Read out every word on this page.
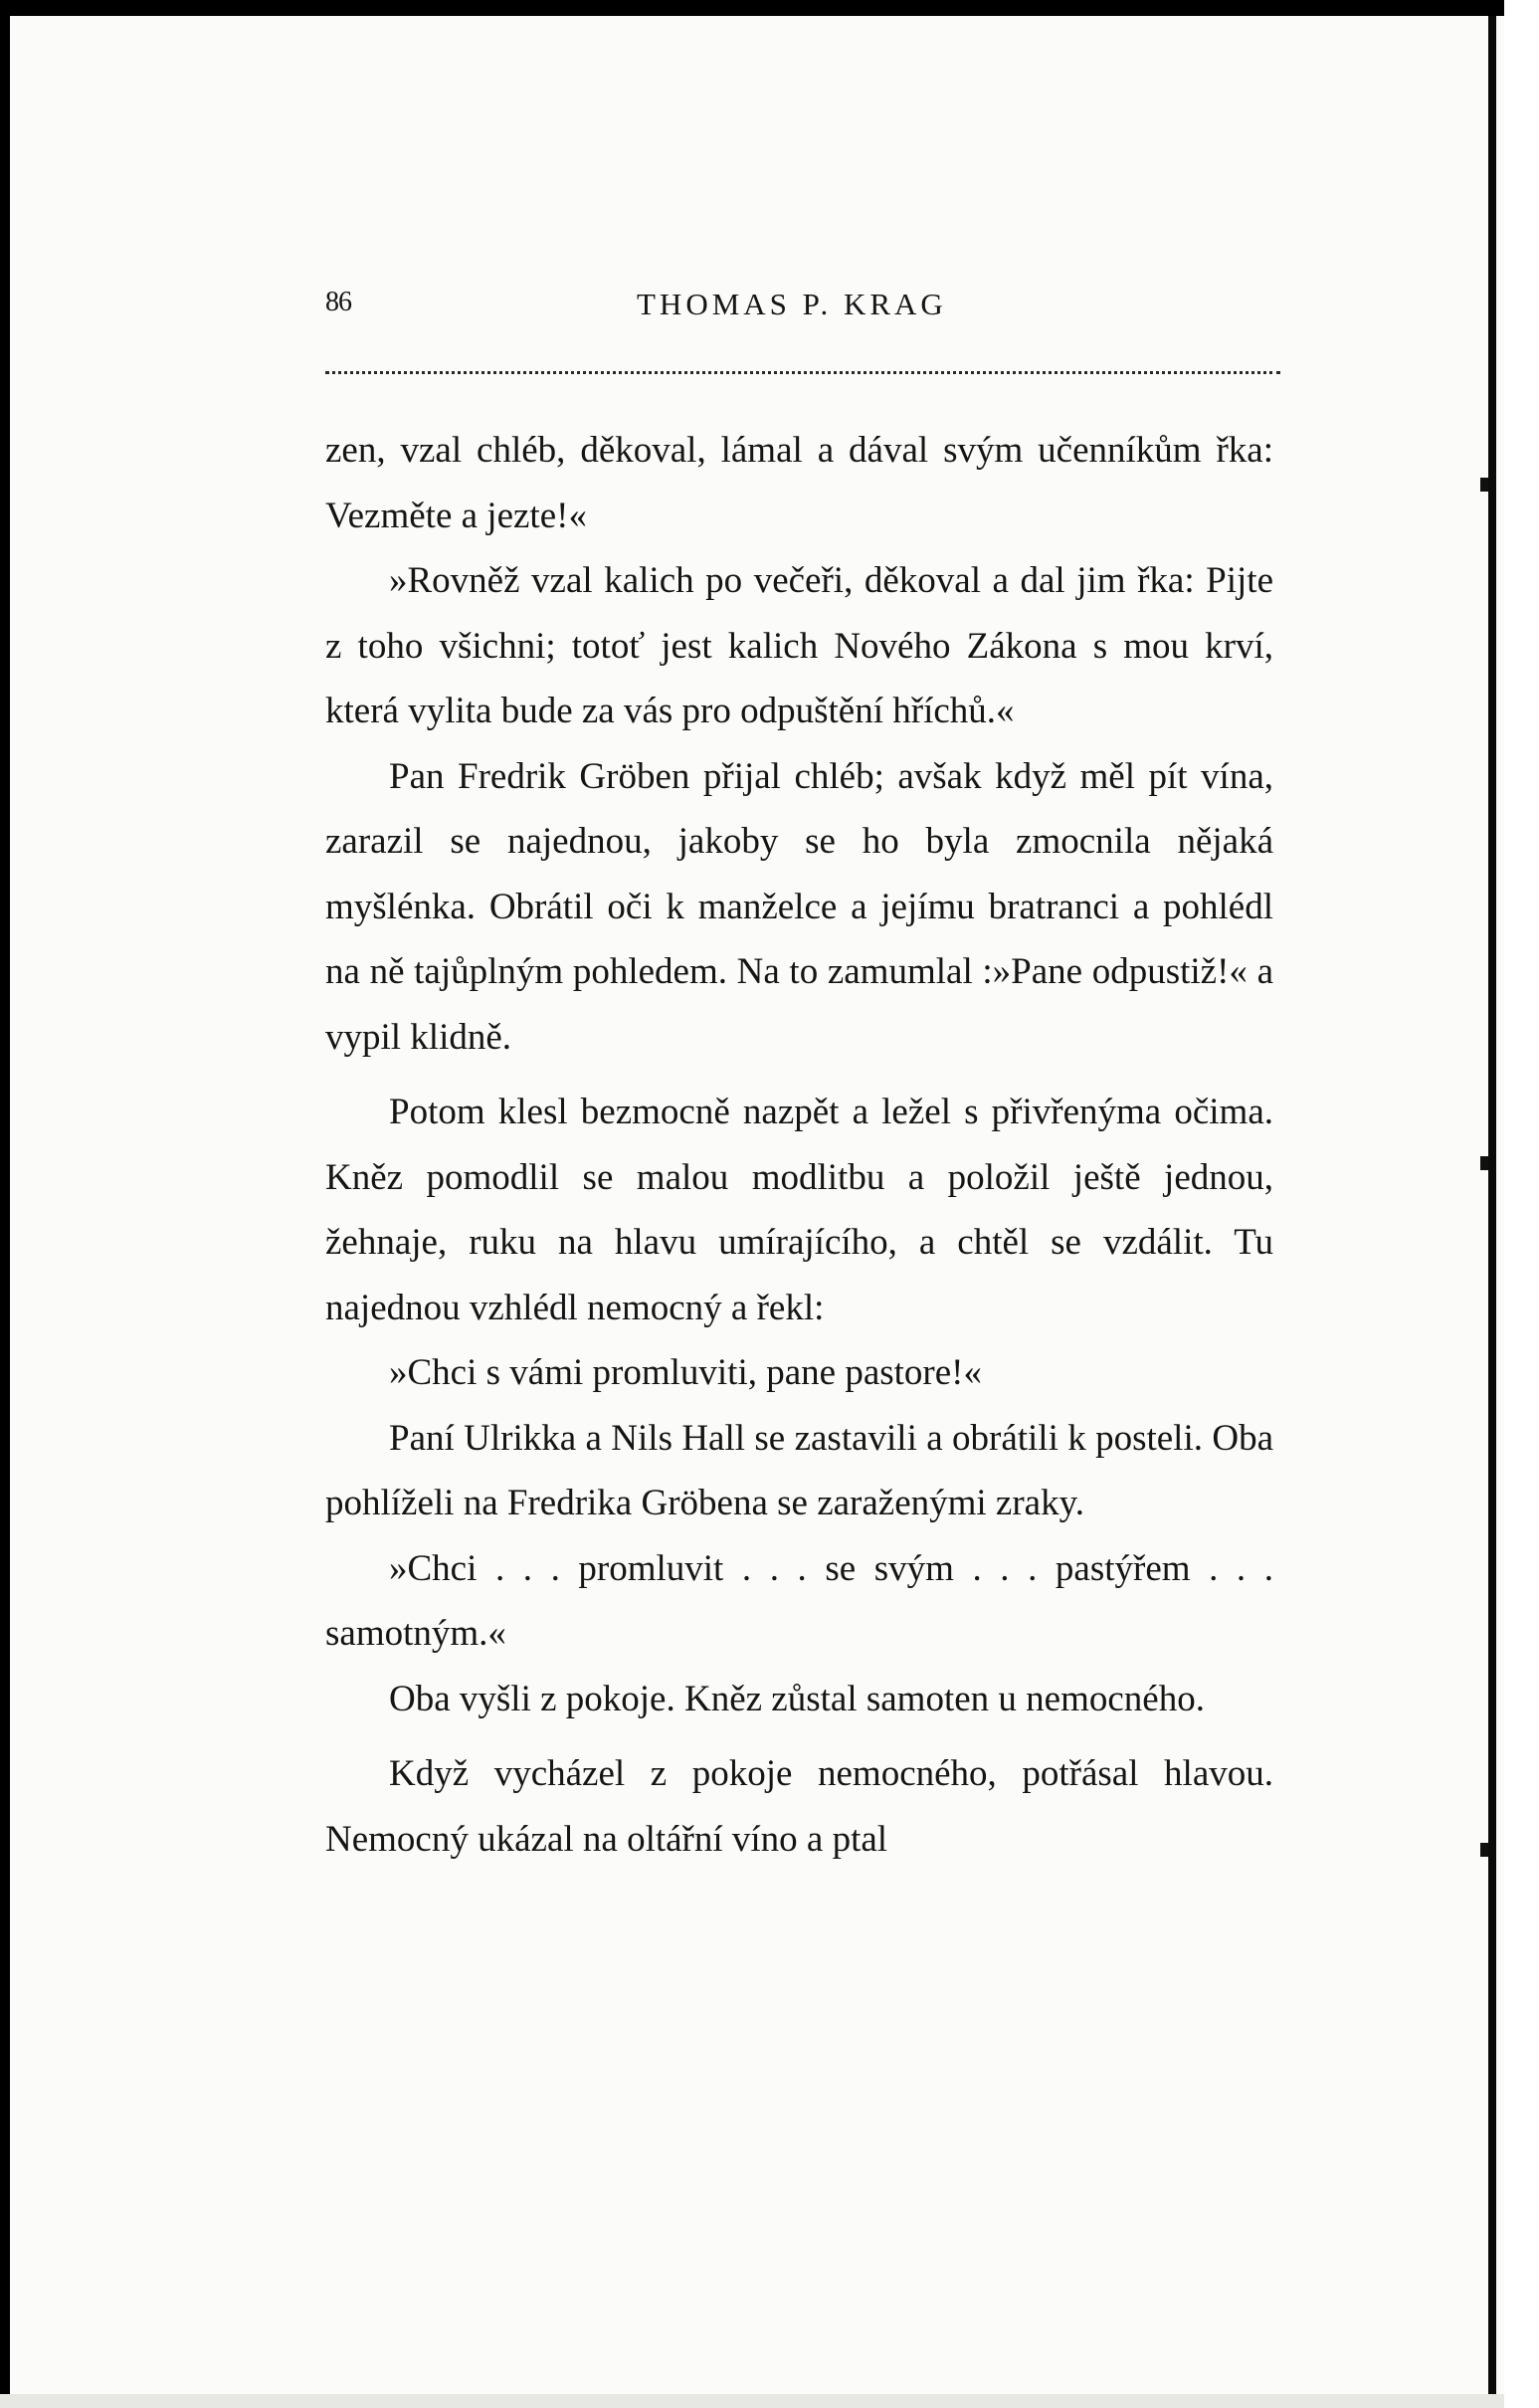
86	THOMAS P. KRAG

zen, vzal chléb, děkoval, lámal a dával svým učenníkům řka: Vezměte a jezte!«

»Rovněž vzal kalich po večeři, děkoval a dal jim řka: Pijte z toho všichni; totoť jest kalich Nového Zákona s mou krví, která vylita bude za vás pro odpuštění hříchů.«

Pan Fredrik Gröben přijal chléb; avšak když měl pít vína, zarazil se najednou, jakoby se ho byla zmocnila nějaká myšlénka. Obrátil oči k manželce a jejímu bratranci a pohlédl na ně tajůplným pohledem. Na to zamumlal :»Pane odpustiž!« a vypil klidně.

Potom klesl bezmocně nazpět a ležel s přivřenýma očima. Kněz pomodlil se malou modlitbu a položil ještě jednou, žehnaje, ruku na hlavu umírajícího, a chtěl se vzdálit. Tu najednou vzhlédl nemocný a řekl:

»Chci s vámi promluviti, pane pastore!«

Paní Ulrikka a Nils Hall se zastavili a obrátili k posteli. Oba pohlíželi na Fredrika Gröbena se zaraženými zraky.

»Chci . . . promluvit . . . se svým . . . pastýřem . . . samotným.«

Oba vyšli z pokoje. Kněz zůstal samoten u nemocného.

Když vycházel z pokoje nemocného, potřásal hlavou. Nemocný ukázal na oltářní víno a ptal
